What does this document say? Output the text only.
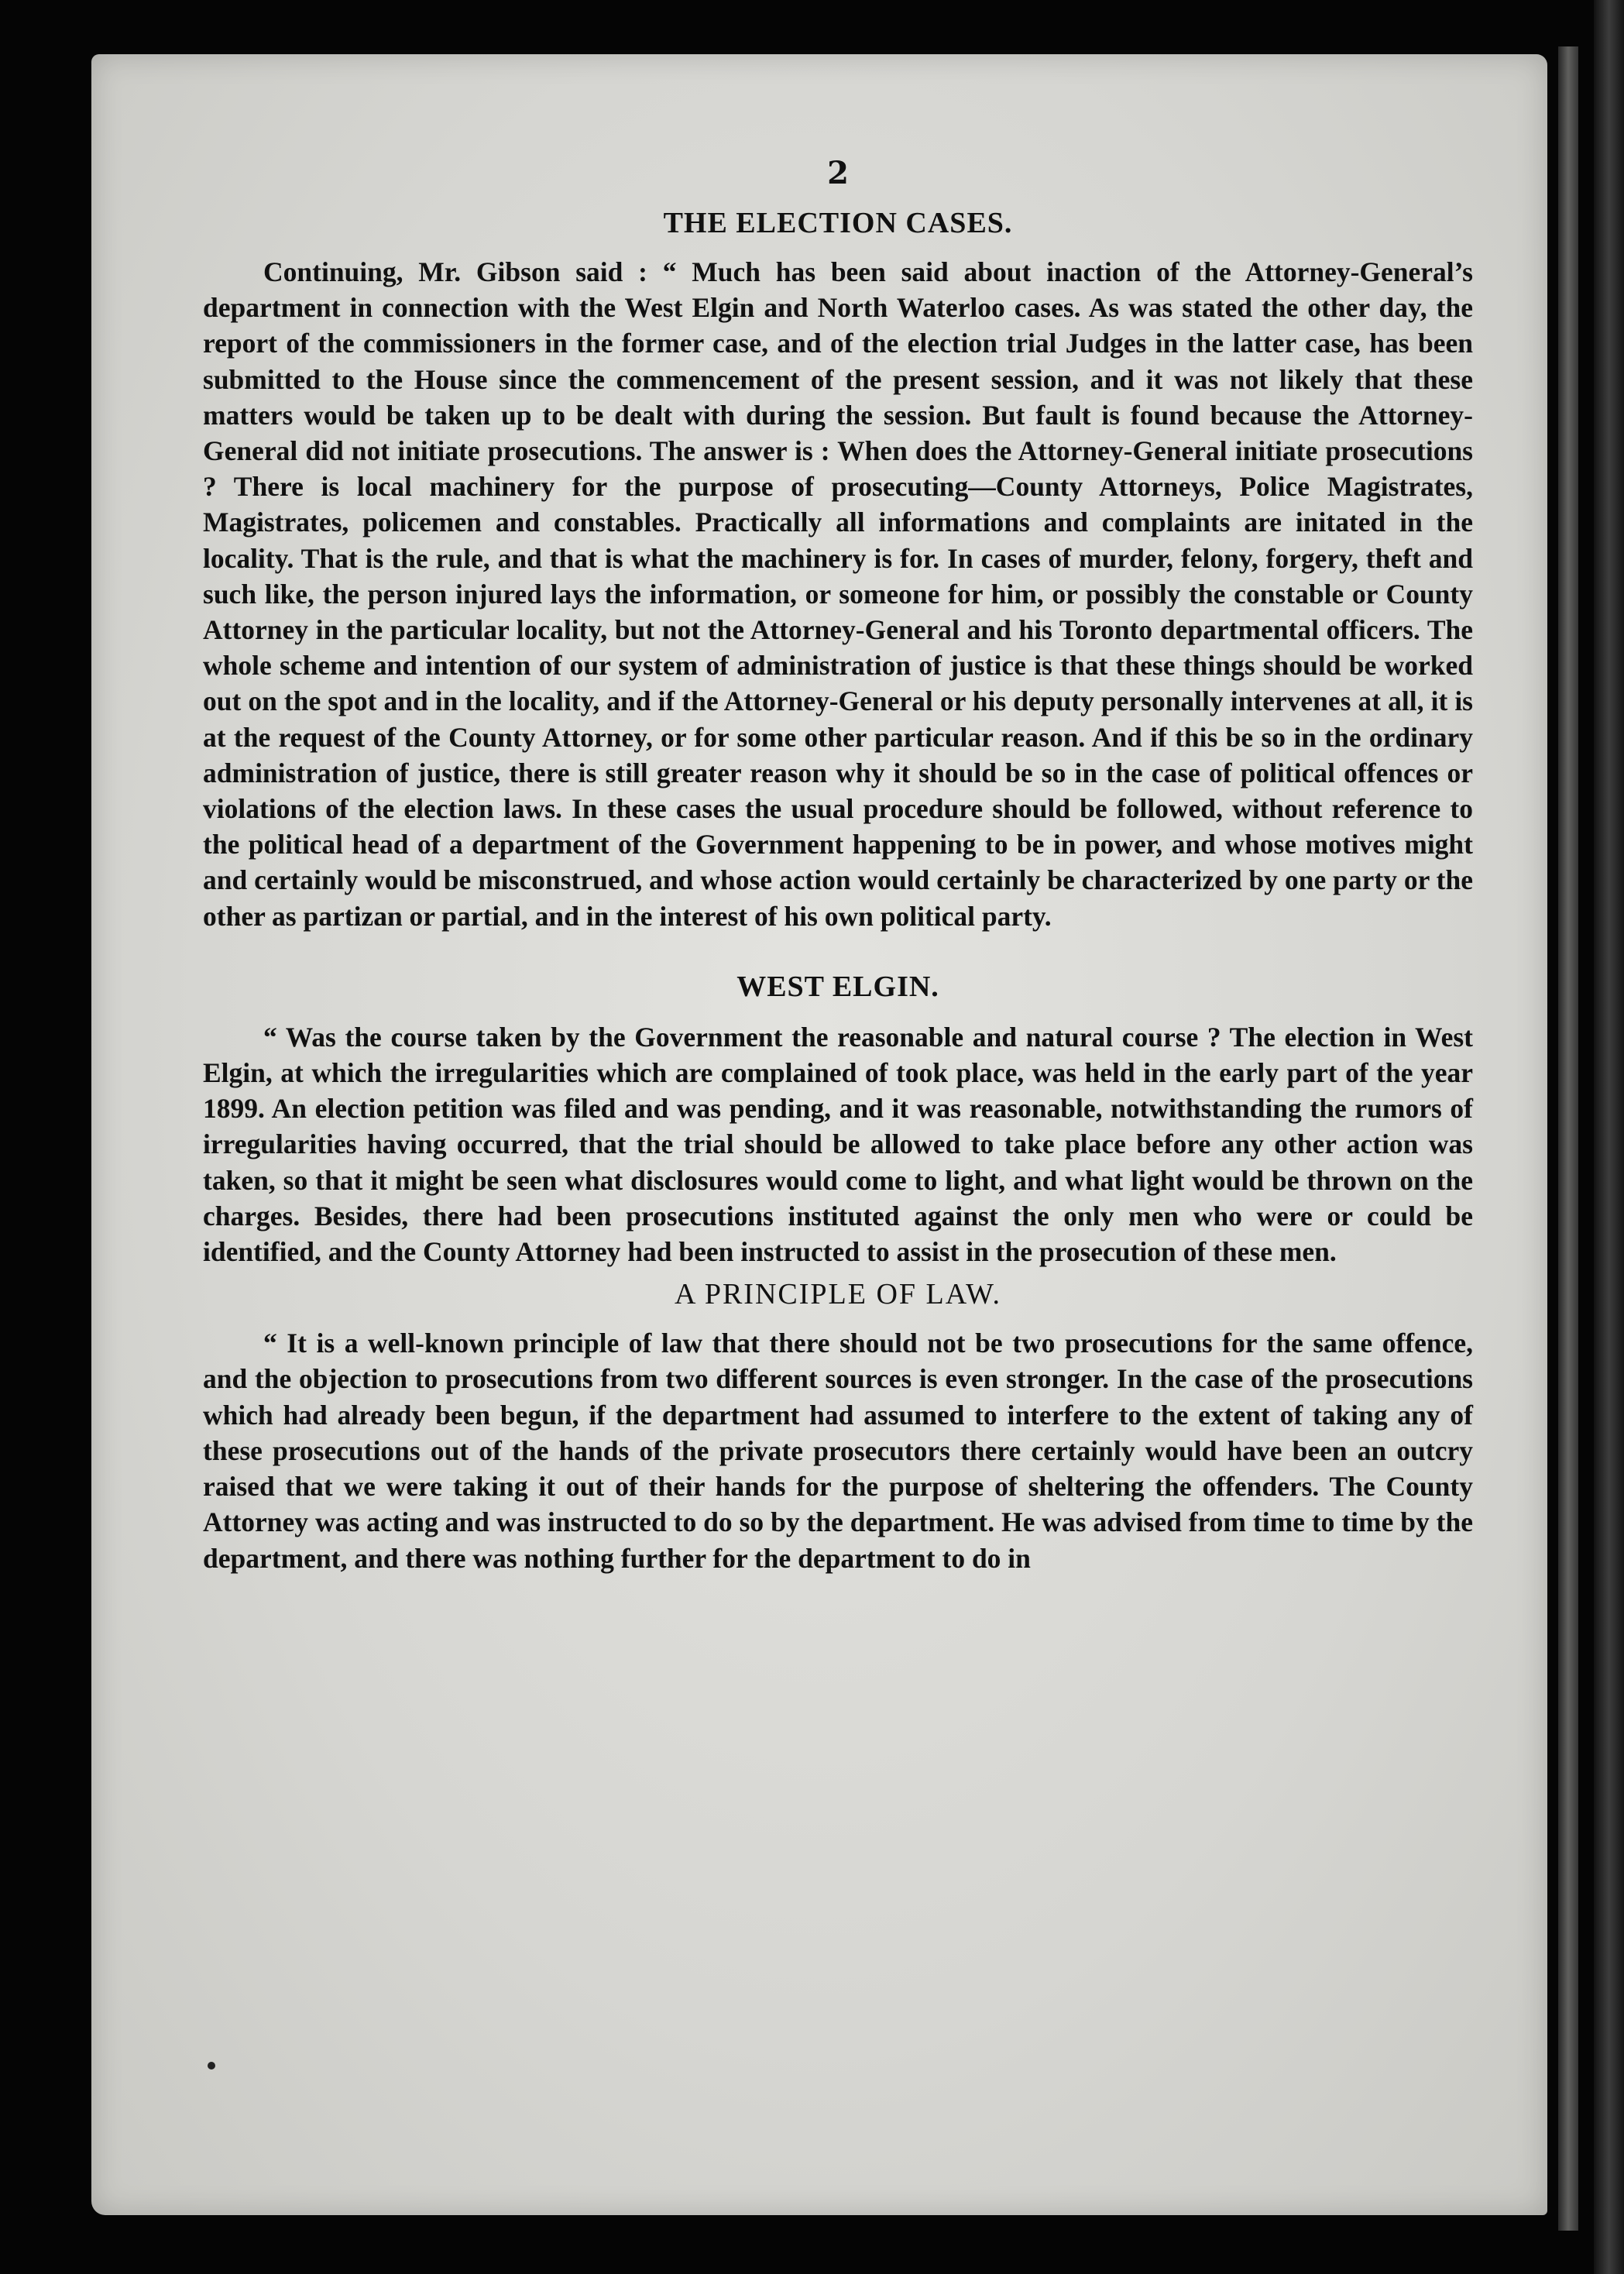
2

THE ELECTION CASES.

Continuing, Mr. Gibson said : “ Much has been said about inaction of the Attorney-General’s department in connection with the West Elgin and North Waterloo cases. As was stated the other day, the report of the commissioners in the former case, and of the election trial Judges in the latter case, has been submitted to the House since the commencement of the present session, and it was not likely that these matters would be taken up to be dealt with during the session. But fault is found because the Attorney-General did not initiate prosecutions. The answer is : When does the Attorney-General initiate prosecutions ? There is local machinery for the purpose of prosecuting—County Attorneys, Police Magistrates, Magistrates, policemen and constables. Practically all informations and complaints are initated in the locality. That is the rule, and that is what the machinery is for. In cases of murder, felony, forgery, theft and such like, the person injured lays the information, or someone for him, or possibly the constable or County Attorney in the particular locality, but not the Attorney-General and his Toronto departmental officers. The whole scheme and intention of our system of administration of justice is that these things should be worked out on the spot and in the locality, and if the Attorney-General or his deputy personally intervenes at all, it is at the request of the County Attorney, or for some other particular reason. And if this be so in the ordinary administration of justice, there is still greater reason why it should be so in the case of political offences or violations of the election laws. In these cases the usual procedure should be followed, without reference to the political head of a department of the Government happening to be in power, and whose motives might and certainly would be misconstrued, and whose action would certainly be characterized by one party or the other as partizan or partial, and in the interest of his own political party.

WEST ELGIN.

“ Was the course taken by the Government the reasonable and natural course ? The election in West Elgin, at which the irregularities which are complained of took place, was held in the early part of the year 1899. An election petition was filed and was pending, and it was reasonable, notwithstanding the rumors of irregularities having occurred, that the trial should be allowed to take place before any other action was taken, so that it might be seen what disclosures would come to light, and what light would be thrown on the charges. Besides, there had been prosecutions instituted against the only men who were or could be identified, and the County Attorney had been instructed to assist in the prosecution of these men.

A PRINCIPLE OF LAW.

“ It is a well-known principle of law that there should not be two prosecutions for the same offence, and the objection to prosecutions from two different sources is even stronger. In the case of the prosecutions which had already been begun, if the department had assumed to interfere to the extent of taking any of these prosecutions out of the hands of the private prosecutors there certainly would have been an outcry raised that we were taking it out of their hands for the purpose of sheltering the offenders. The County Attorney was acting and was instructed to do so by the department. He was advised from time to time by the department, and there was nothing further for the department to do in
